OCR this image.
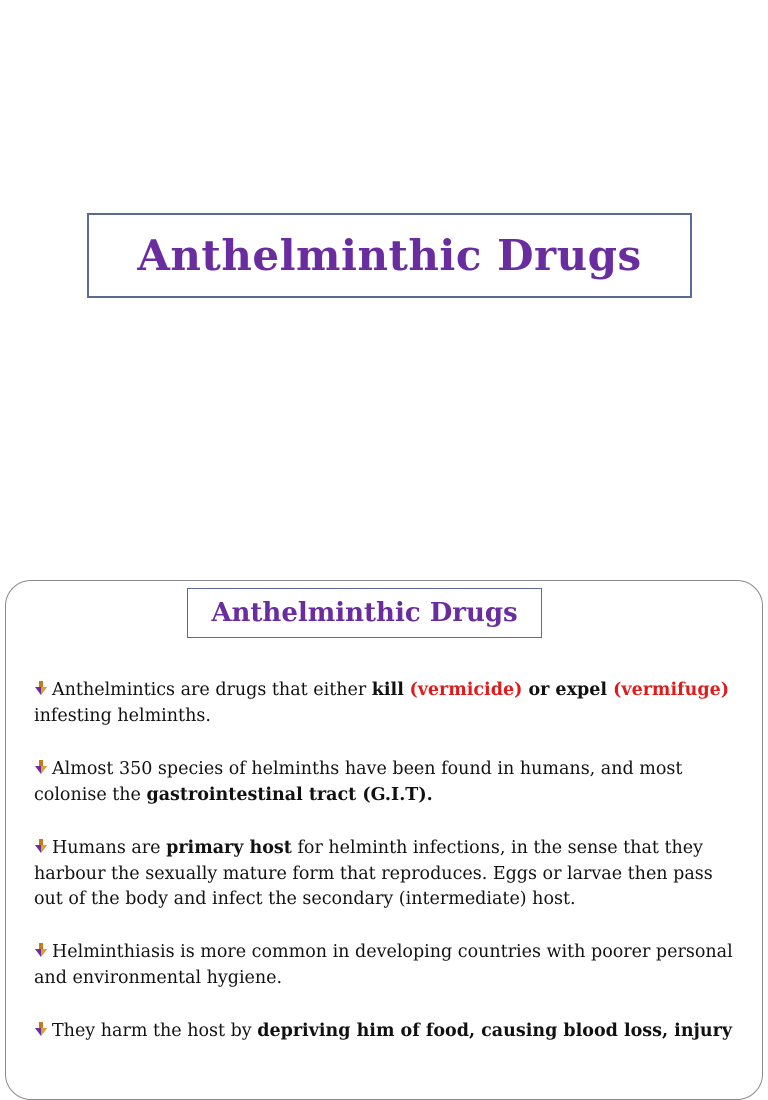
Anthelminthic Drugs
Anthelminthic Drugs

Anthelmintics are drugs that either kill (vermicide) or expel (vermifuge) infesting helminths.

Almost 350 species of helminths have been found in humans, and most colonise the gastrointestinal tract (G.I.T).

Humans are primary host for helminth infections, in the sense that they harbour the sexually mature form that reproduces. Eggs or larvae then pass out of the body and infect the secondary (intermediate) host.

Helminthiasis is more common in developing countries with poorer personal and environmental hygiene.

They harm the host by depriving him of food, causing blood loss, injury
